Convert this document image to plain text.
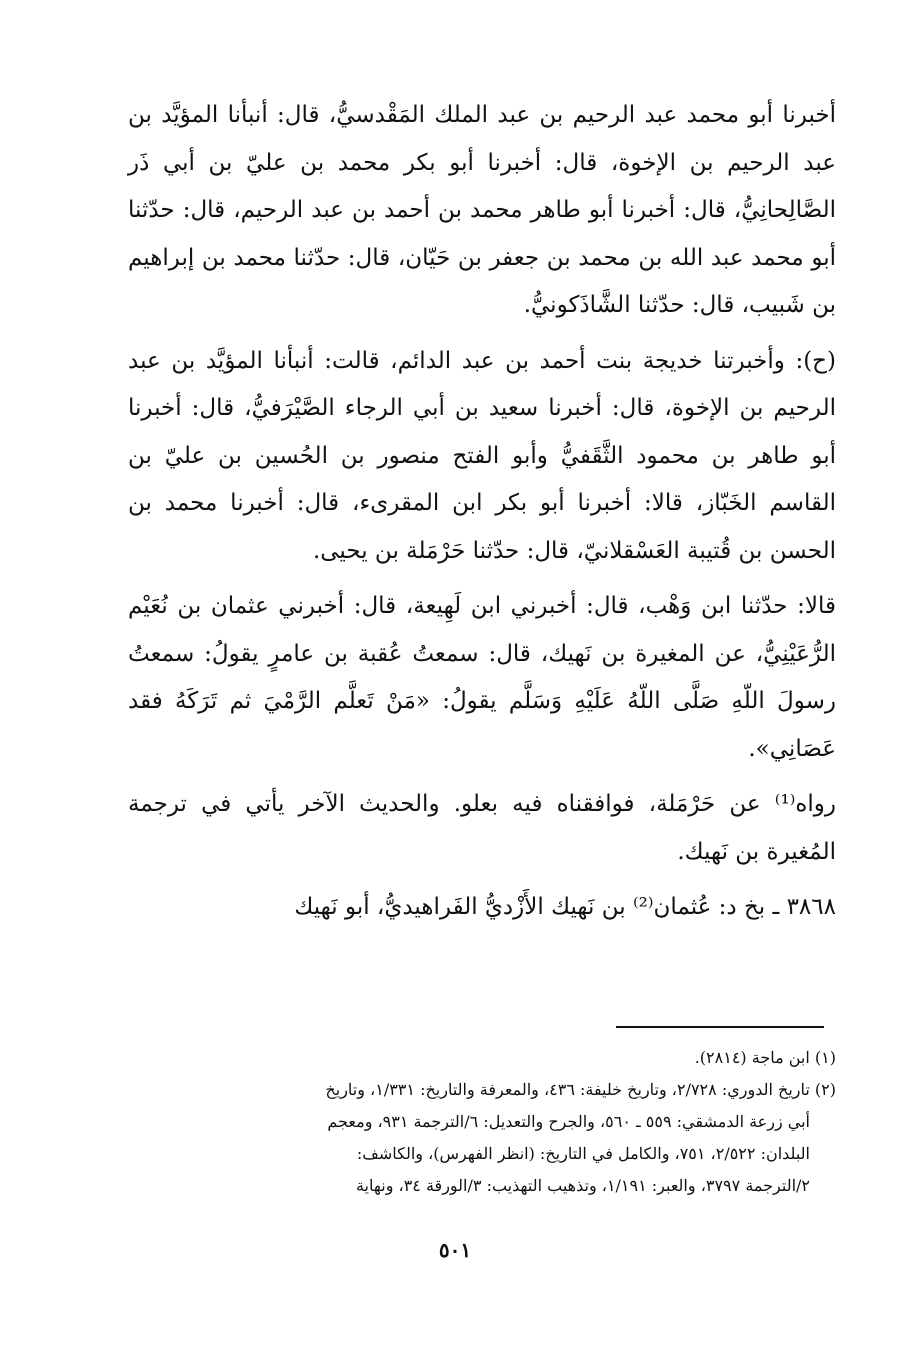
أخبرنا أبو محمد عبد الرحيم بن عبد الملك المَقْدسيُّ، قال: أنبأنا المؤيَّد بن عبد الرحيم بن الإخوة، قال: أخبرنا أبو بكر محمد بن عليّ بن أبي ذَر الصَّالِحانِيُّ، قال: أخبرنا أبو طاهر محمد بن أحمد بن عبد الرحيم، قال: حدّثنا أبو محمد عبد الله بن محمد بن جعفر بن حَيّان، قال: حدّثنا محمد بن إبراهيم بن شَبيب، قال: حدّثنا الشَّاذَكونيُّ.

(ح): وأخبرتنا خديجة بنت أحمد بن عبد الدائم، قالت: أنبأنا المؤيَّد بن عبد الرحيم بن الإخوة، قال: أخبرنا سعيد بن أبي الرجاء الصَّيْرَفيُّ، قال: أخبرنا أبو طاهر بن محمود الثَّقَفيُّ وأبو الفتح منصور بن الحُسين بن عليّ بن القاسم الخَبّاز، قالا: أخبرنا أبو بكر ابن المقرىء، قال: أخبرنا محمد بن الحسن بن قُتيبة العَسْقلانيّ، قال: حدّثنا حَرْمَلة بن يحيى.

قالا: حدّثنا ابن وَهْب، قال: أخبرني ابن لَهِيعة، قال: أخبرني عثمان بن نُعَيْم الرُّعَيْنِيُّ، عن المغيرة بن نَهيك، قال: سمعتُ عُقبة بن عامرٍ يقولُ: سمعتُ رسولَ اللّهِ صَلَّى اللّهُ عَلَيْهِ وَسَلَّم يقولُ: «مَنْ تَعلَّم الرَّمْيَ ثم تَرَكَهُ فقد عَصَانِي».

رواه⁽¹⁾ عن حَرْمَلة، فوافقناه فيه بعلو. والحديث الآخر يأتي في ترجمة المُغيرة بن نَهيك.

٣٨٦٨ ـ بخ د: عُثمان⁽²⁾ بن نَهيك الأَزْديُّ الفَراهيديُّ، أبو نَهيك

(١) ابن ماجة (٢٨١٤).

(٢) تاريخ الدوري: ٢/٧٢٨، وتاريخ خليفة: ٤٣٦، والمعرفة والتاريخ: ١/٣٣١، وتاريخ

أبي زرعة الدمشقي: ٥٥٩ ـ ٥٦٠، والجرح والتعديل: ٦/الترجمة ٩٣١، ومعجم

البلدان: ٢/٥٢٢، ٧٥١، والكامل في التاريخ: (انظر الفهرس)، والكاشف:

٢/الترجمة ٣٧٩٧، والعبر: ١/١٩١، وتذهيب التهذيب: ٣/الورقة ٣٤، ونهاية

٥٠١
